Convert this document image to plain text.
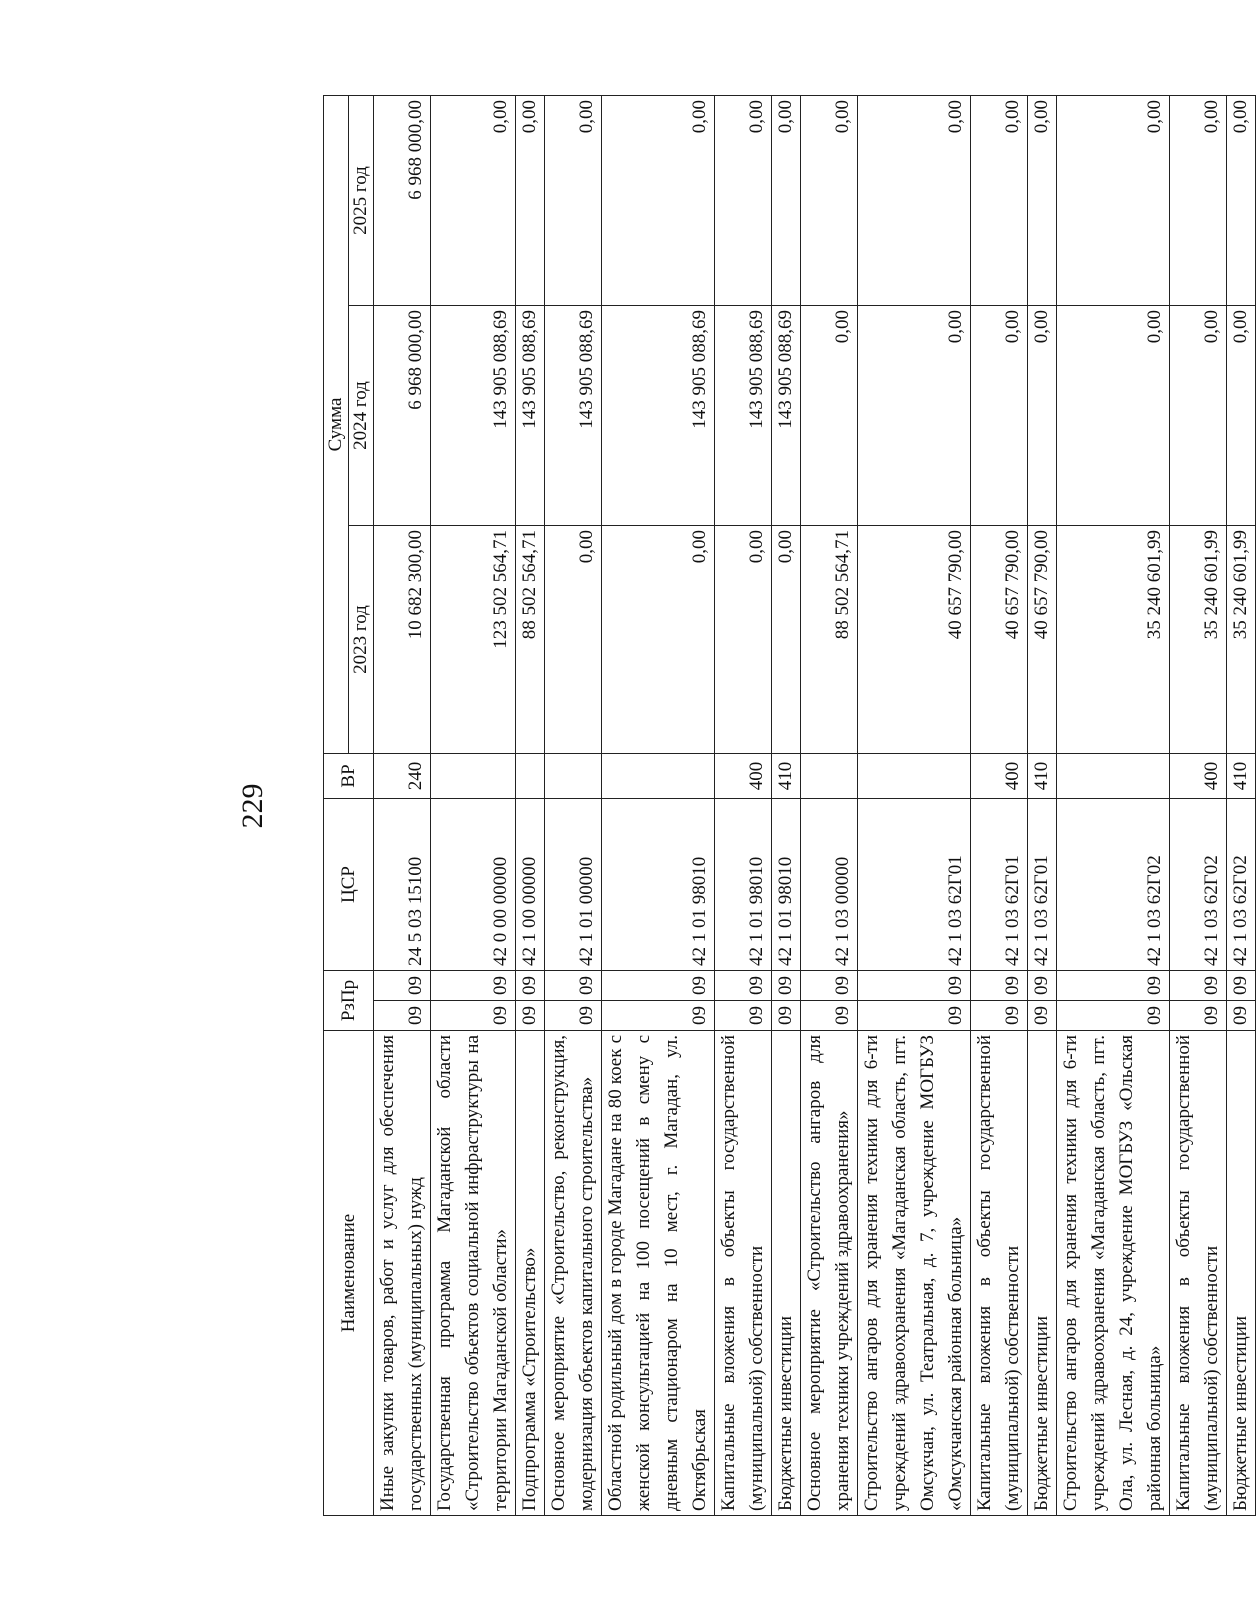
229
Наименование	РзПр		ЦСР	ВР	Сумма		
					2023 год	2024 год	2025 год
Иные закупки товаров, работ и услуг для обеспечения государственных (муниципальных) нужд	09	09	24 5 03 15100	240	10 682 300,00	6 968 000,00	6 968 000,00
Государственная программа Магаданской области «Строительство объектов социальной инфраструктуры на территории Магаданской области»	09	09	42 0 00 00000		123 502 564,71	143 905 088,69	0,00
Подпрограмма «Строительство»	09	09	42 1 00 00000		88 502 564,71	143 905 088,69	0,00
Основное мероприятие «Строительство, реконструкция, модернизация объектов капитального строительства»	09	09	42 1 01 00000		0,00	143 905 088,69	0,00
Областной родильный дом в городе Магадане на 80 коек с женской консультацией на 100 посещений в смену с дневным стационаром на 10 мест, г. Магадан, ул. Октябрьская	09	09	42 1 01 98010		0,00	143 905 088,69	0,00
Капитальные вложения в объекты государственной (муниципальной) собственности	09	09	42 1 01 98010	400	0,00	143 905 088,69	0,00
Бюджетные инвестиции	09	09	42 1 01 98010	410	0,00	143 905 088,69	0,00
Основное мероприятие «Строительство ангаров для хранения техники учреждений здравоохранения»	09	09	42 1 03 00000		88 502 564,71	0,00	0,00
Строительство ангаров для хранения техники для 6-ти учреждений здравоохранения «Магаданская область, пгт. Омсукчан, ул. Театральная, д. 7, учреждение МОГБУЗ «Омсукчанская районная больница»	09	09	42 1 03 62Г01		40 657 790,00	0,00	0,00
Капитальные вложения в объекты государственной (муниципальной) собственности	09	09	42 1 03 62Г01	400	40 657 790,00	0,00	0,00
Бюджетные инвестиции	09	09	42 1 03 62Г01	410	40 657 790,00	0,00	0,00
Строительство ангаров для хранения техники для 6-ти учреждений здравоохранения «Магаданская область, пгт. Ола, ул. Лесная, д. 24, учреждение МОГБУЗ «Ольская районная больница»	09	09	42 1 03 62Г02		35 240 601,99	0,00	0,00
Капитальные вложения в объекты государственной (муниципальной) собственности	09	09	42 1 03 62Г02	400	35 240 601,99	0,00	0,00
Бюджетные инвестиции	09	09	42 1 03 62Г02	410	35 240 601,99	0,00	0,00
